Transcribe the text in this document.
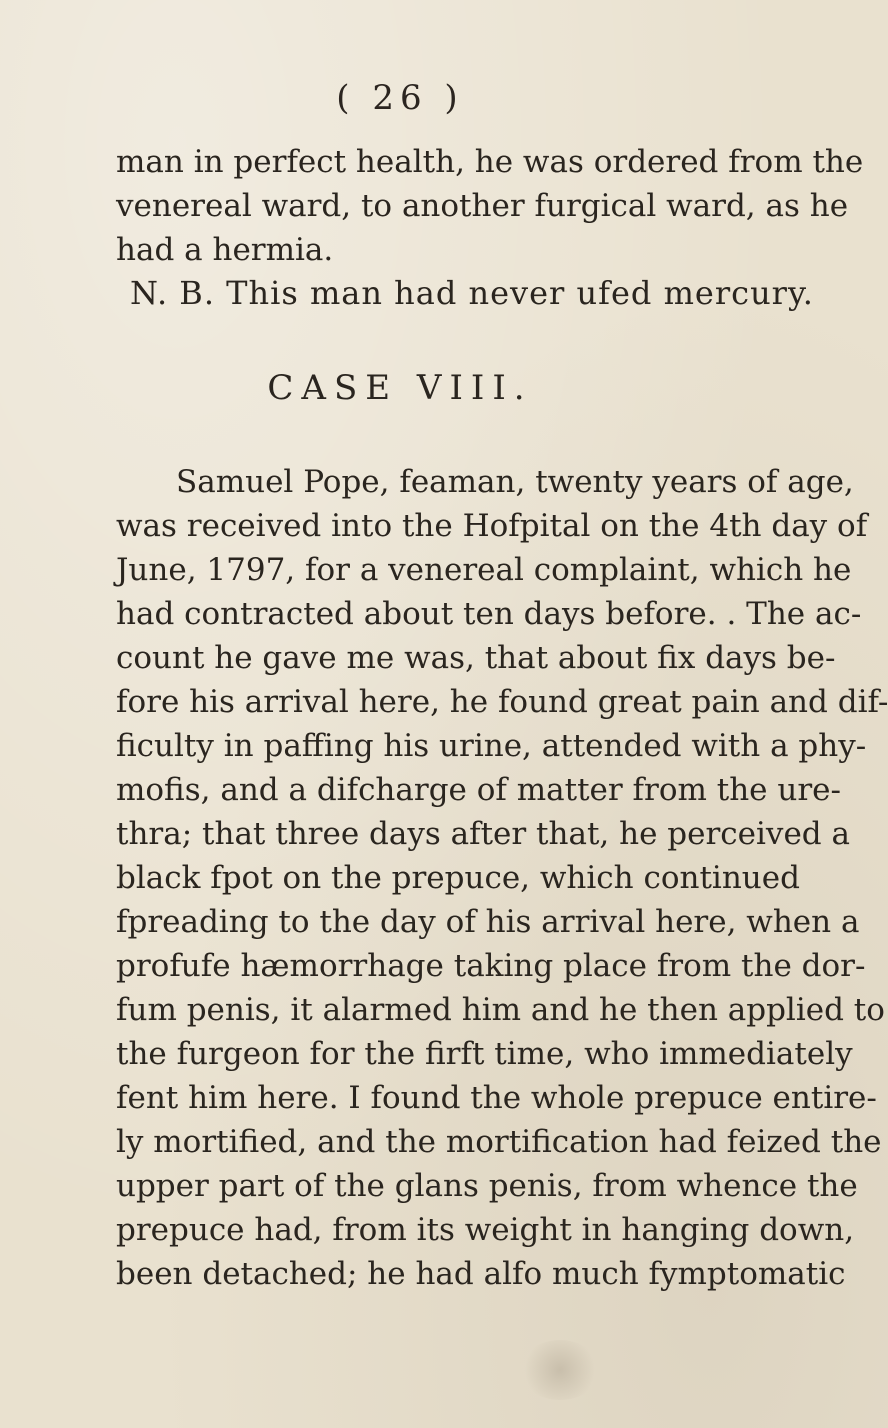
( 26 )
man in perfect health, he was ordered from the
venereal ward, to another furgical ward, as he
had a hermia.
N. B. This man had never ufed mercury.
CASE VIII.
Samuel Pope, feaman, twenty years of age,
was received into the Hofpital on the 4th day of
June, 1797, for a venereal complaint, which he
had contracted about ten days before. . The ac-
count he gave me was, that about fix days be-
fore his arrival here, he found great pain and dif-
ficulty in paffing his urine, attended with a phy-
mofis, and a difcharge of matter from the ure-
thra; that three days after that, he perceived a
black fpot on the prepuce, which continued
fpreading to the day of his arrival here, when a
profufe hæmorrhage taking place from the dor-
fum penis, it alarmed him and he then applied to
the furgeon for the firft time, who immediately
fent him here. I found the whole prepuce entire-
ly mortified, and the mortification had feized the
upper part of the glans penis, from whence the
prepuce had, from its weight in hanging down,
been detached; he had alfo much fymptomatic
